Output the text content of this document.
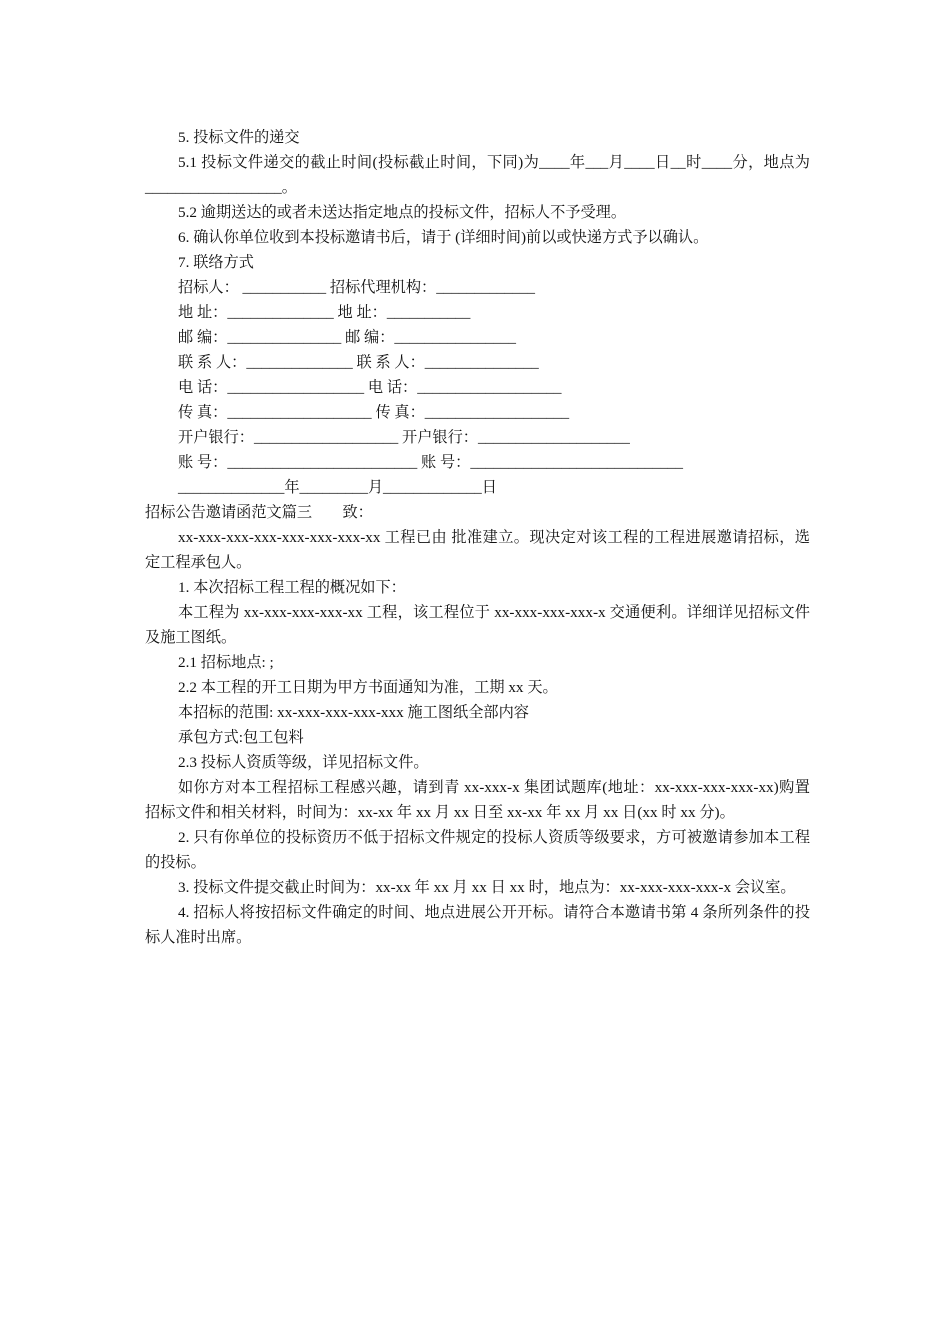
5. 投标文件的递交

5.1 投标文件递交的截止时间(投标截止时间，下同)为____年___月____日__时____分，地点为__________________。

5.2 逾期送达的或者未送达指定地点的投标文件，招标人不予受理。

6. 确认你单位收到本投标邀请书后，请于 (详细时间)前以或快递方式予以确认。

7. 联络方式

招标人： ___________ 招标代理机构：_____________

地 址：______________ 地 址：___________

邮 编：_______________ 邮 编：________________

联 系 人：______________ 联 系 人：_______________

电 话：__________________ 电 话：___________________

传 真：___________________ 传 真：___________________

开户银行：___________________ 开户银行：____________________

账 号：_________________________ 账 号：____________________________

______________年_________月_____________日

招标公告邀请函范文篇三        致：

xx-xxx-xxx-xxx-xxx-xxx-xxx-xx 工程已由 批准建立。现决定对该工程的工程进展邀请招标，选定工程承包人。

1. 本次招标工程工程的概况如下：

本工程为 xx-xxx-xxx-xxx-xx 工程，该工程位于 xx-xxx-xxx-xxx-x 交通便利。详细详见招标文件及施工图纸。

2.1 招标地点: ;

2.2 本工程的开工日期为甲方书面通知为准，工期 xx 天。

本招标的范围: xx-xxx-xxx-xxx-xxx 施工图纸全部内容

承包方式:包工包料

2.3 投标人资质等级，详见招标文件。

如你方对本工程招标工程感兴趣，请到青 xx-xxx-x 集团试题库(地址：xx-xxx-xxx-xxx-xx)购置招标文件和相关材料，时间为：xx-xx 年 xx 月 xx 日至 xx-xx 年 xx 月 xx 日(xx 时 xx 分)。

2. 只有你单位的投标资历不低于招标文件规定的投标人资质等级要求，方可被邀请参加本工程的投标。

3. 投标文件提交截止时间为：xx-xx 年 xx 月 xx 日 xx 时，地点为：xx-xxx-xxx-xxx-x 会议室。

4. 招标人将按招标文件确定的时间、地点进展公开开标。请符合本邀请书第 4 条所列条件的投标人准时出席。
